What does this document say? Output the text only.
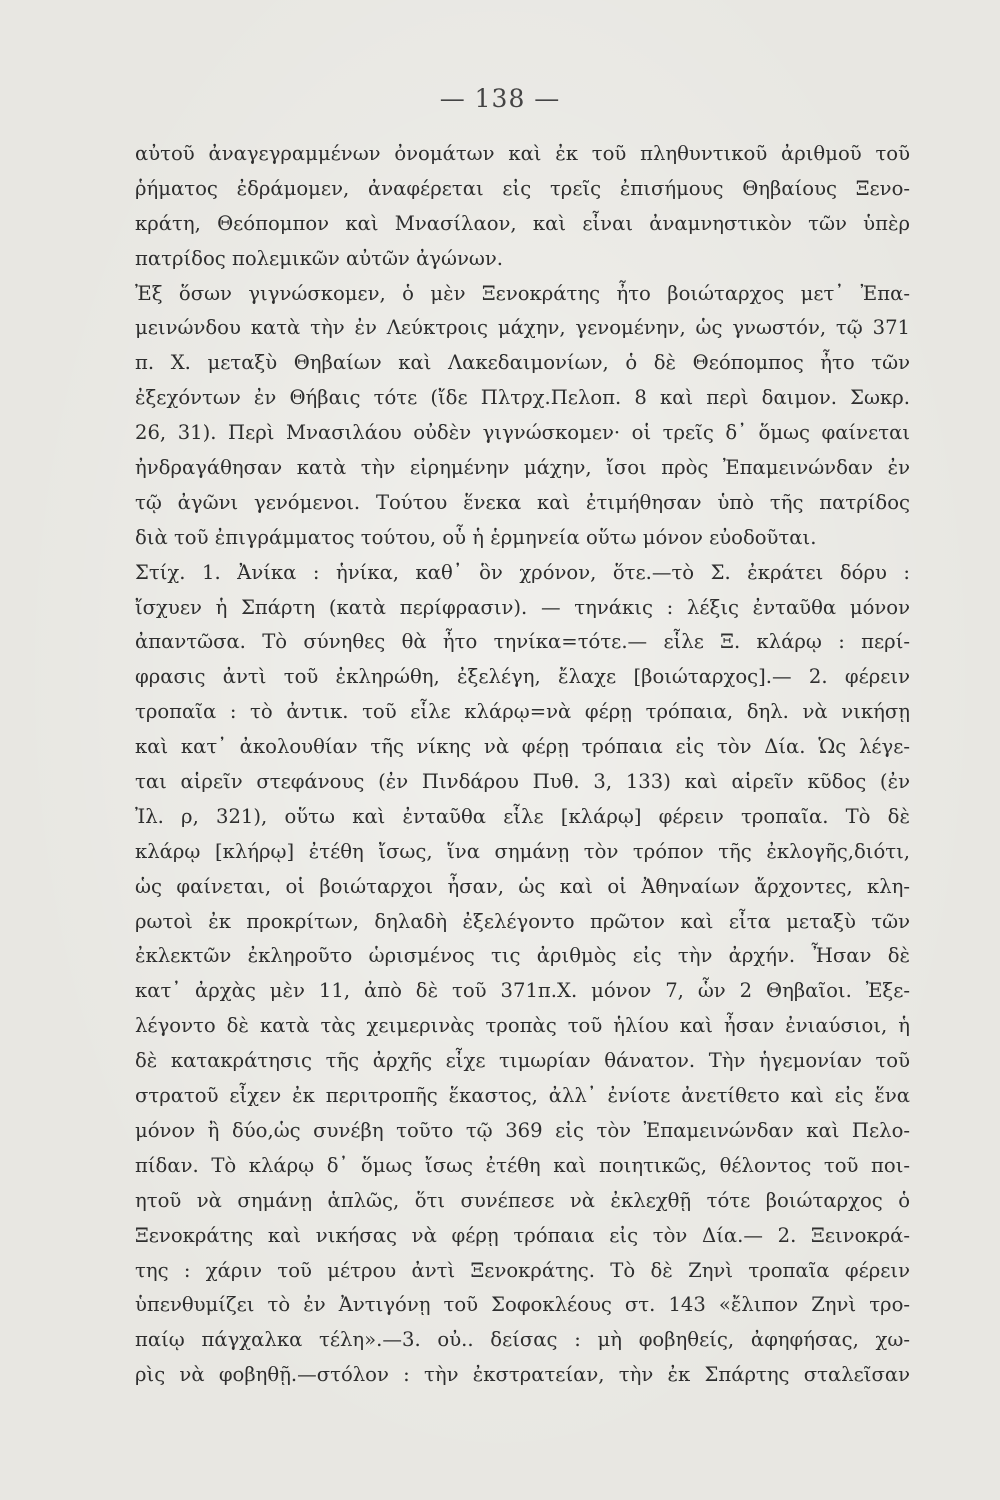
— 138 —
αὐτοῦ ἀναγεγραμμένων ὀνομάτων καὶ ἐκ τοῦ πληθυντικοῦ ἀριθμοῦ τοῦ
ῥήματος ἐδράμομεν, ἀναφέρεται εἰς τρεῖς ἐπισήμους Θηβαίους Ξενο-
κράτη, Θεόπομπον καὶ Μνασίλαον, καὶ εἶναι ἀναμνηστικὸν τῶν ὑπὲρ
πατρίδος πολεμικῶν αὐτῶν ἀγώνων.
Ἐξ ὅσων γιγνώσκομεν, ὁ μὲν Ξενοκράτης ἦτο βοιώταρχος μετ᾽ Ἐπα-
μεινώνδου κατὰ τὴν ἐν Λεύκτροις μάχην, γενομένην, ὡς γνωστόν, τῷ 371
π. Χ. μεταξὺ Θηβαίων καὶ Λακεδαιμονίων, ὁ δὲ Θεόπομπος ἦτο τῶν
ἐξεχόντων ἐν Θήβαις τότε (ἴδε Πλτρχ.Πελοπ. 8 καὶ περὶ δαιμον. Σωκρ.
26, 31). Περὶ Μνασιλάου οὐδὲν γιγνώσκομεν· οἱ τρεῖς δ᾽ ὅμως φαίνεται
ἠνδραγάθησαν κατὰ τὴν εἰρημένην μάχην, ἴσοι πρὸς Ἐπαμεινώνδαν ἐν
τῷ ἀγῶνι γενόμενοι. Τούτου ἕνεκα καὶ ἐτιμήθησαν ὑπὸ τῆς πατρίδος
διὰ τοῦ ἐπιγράμματος τούτου, οὗ ἡ ἑρμηνεία οὕτω μόνον εὐοδοῦται.
Στίχ. 1. Ἀνίκα : ἡνίκα, καθ᾽ ὃν χρόνον, ὅτε.—τὸ Σ. ἐκράτει δόρυ :
ἴσχυεν ἡ Σπάρτη (κατὰ περίφρασιν). — τηνάκις : λέξις ἐνταῦθα μόνον
ἀπαντῶσα. Τὸ σύνηθες θὰ ἦτο τηνίκα=τότε.— εἷλε Ξ. κλάρῳ : περί-
φρασις ἀντὶ τοῦ ἐκληρώθη, ἐξελέγη, ἔλαχε [βοιώταρχος].— 2. φέρειν
τροπαῖα : τὸ ἀντικ. τοῦ εἷλε κλάρῳ=νὰ φέρῃ τρόπαια, δηλ. νὰ νικήσῃ
καὶ κατ᾽ ἀκολουθίαν τῆς νίκης νὰ φέρῃ τρόπαια εἰς τὸν Δία. Ὡς λέγε-
ται αἱρεῖν στεφάνους (ἐν Πινδάρου Πυθ. 3, 133) καὶ αἱρεῖν κῦδος (ἐν
Ἰλ. ρ, 321), οὕτω καὶ ἐνταῦθα εἷλε [κλάρῳ] φέρειν τροπαῖα. Τὸ δὲ
κλάρῳ [κλήρῳ] ἐτέθη ἴσως, ἵνα σημάνῃ τὸν τρόπον τῆς ἐκλογῆς,διότι,
ὡς φαίνεται, οἱ βοιώταρχοι ἦσαν, ὡς καὶ οἱ Ἀθηναίων ἄρχοντες, κλη-
ρωτοὶ ἐκ προκρίτων, δηλαδὴ ἐξελέγοντο πρῶτον καὶ εἶτα μεταξὺ τῶν
ἐκλεκτῶν ἐκληροῦτο ὡρισμένος τις ἀριθμὸς εἰς τὴν ἀρχήν. Ἦσαν δὲ
κατ᾽ ἀρχὰς μὲν 11, ἀπὸ δὲ τοῦ 371π.Χ. μόνον 7, ὧν 2 Θηβαῖοι. Ἐξε-
λέγοντο δὲ κατὰ τὰς χειμερινὰς τροπὰς τοῦ ἡλίου καὶ ἦσαν ἐνιαύσιοι, ἡ
δὲ κατακράτησις τῆς ἀρχῆς εἶχε τιμωρίαν θάνατον. Τὴν ἡγεμονίαν τοῦ
στρατοῦ εἶχεν ἐκ περιτροπῆς ἕκαστος, ἀλλ᾽ ἐνίοτε ἀνετίθετο καὶ εἰς ἕνα
μόνον ἢ δύο,ὡς συνέβη τοῦτο τῷ 369 εἰς τὸν Ἐπαμεινώνδαν καὶ Πελο-
πίδαν. Τὸ κλάρῳ δ᾽ ὅμως ἴσως ἐτέθη καὶ ποιητικῶς, θέλοντος τοῦ ποι-
ητοῦ νὰ σημάνῃ ἁπλῶς, ὅτι συνέπεσε νὰ ἐκλεχθῇ τότε βοιώταρχος ὁ
Ξενοκράτης καὶ νικήσας νὰ φέρῃ τρόπαια εἰς τὸν Δία.— 2. Ξεινοκρά-
της : χάριν τοῦ μέτρου ἀντὶ Ξενοκράτης. Τὸ δὲ Ζηνὶ τροπαῖα φέρειν
ὑπενθυμίζει τὸ ἐν Ἀντιγόνῃ τοῦ Σοφοκλέους στ. 143 «ἔλιπον Ζηνὶ τρο-
παίῳ πάγχαλκα τέλη».—3. οὐ.. δείσας : μὴ φοβηθείς, ἀφηφήσας, χω-
ρὶς νὰ φοβηθῇ.—στόλον : τὴν ἐκστρατείαν, τὴν ἐκ Σπάρτης σταλεῖσαν
